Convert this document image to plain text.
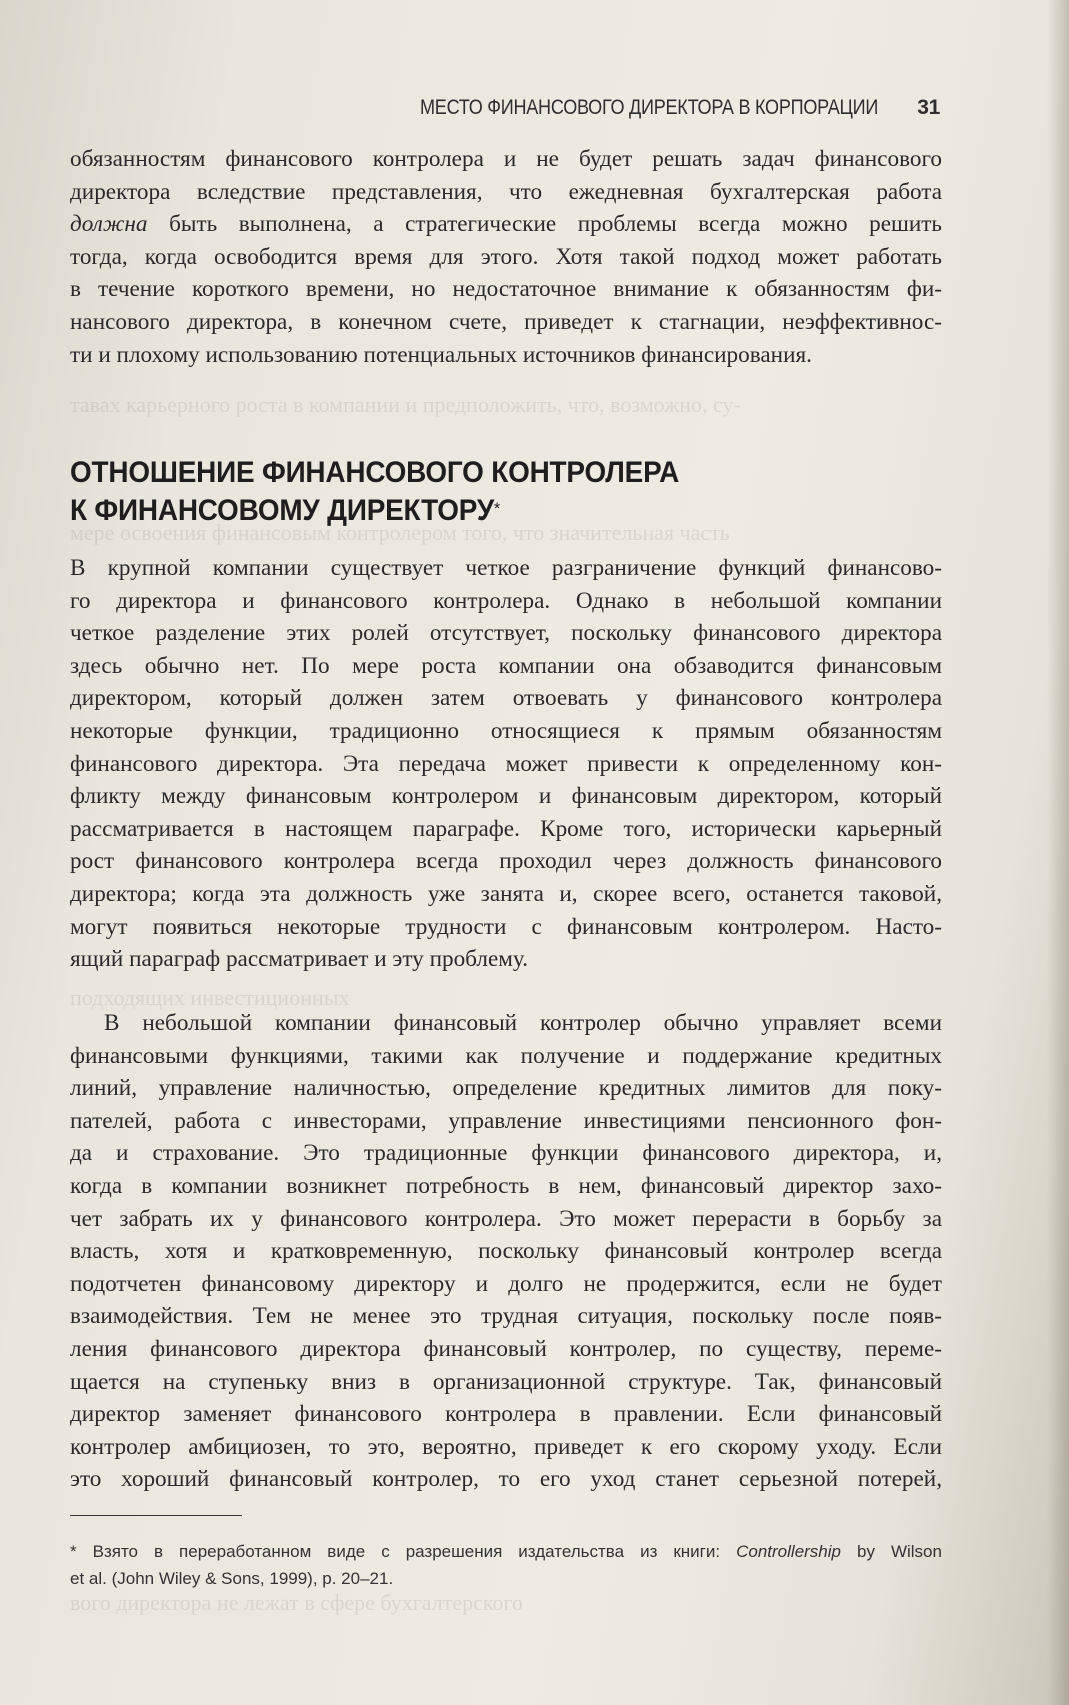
тавах карьерного роста в компании и предположить, что, возможно, су-
мере освоения финансовым контролером того, что значительная часть
подходящих инвестиционных
вого директора не лежат в сфере бухгалтерского
МЕСТО ФИНАНСОВОГО ДИРЕКТОРА В КОРПОРАЦИИ 31
обязанностям финансового контролера и не будет решать задач финансового
директора вследствие представления, что ежедневная бухгалтерская работа
должна быть выполнена, а стратегические проблемы всегда можно решить
тогда, когда освободится время для этого. Хотя такой подход может работать
в течение короткого времени, но недостаточное внимание к обязанностям фи-
нансового директора, в конечном счете, приведет к стагнации, неэффективнос-
ти и плохому использованию потенциальных источников финансирования.
ОТНОШЕНИЕ ФИНАНСОВОГО КОНТРОЛЕРА
К ФИНАНСОВОМУ ДИРЕКТОРУ*
В крупной компании существует четкое разграничение функций финансово-
го директора и финансового контролера. Однако в небольшой компании
четкое разделение этих ролей отсутствует, поскольку финансового директора
здесь обычно нет. По мере роста компании она обзаводится финансовым
директором, который должен затем отвоевать у финансового контролера
некоторые функции, традиционно относящиеся к прямым обязанностям
финансового директора. Эта передача может привести к определенному кон-
фликту между финансовым контролером и финансовым директором, который
рассматривается в настоящем параграфе. Кроме того, исторически карьерный
рост финансового контролера всегда проходил через должность финансового
директора; когда эта должность уже занята и, скорее всего, останется таковой,
могут появиться некоторые трудности с финансовым контролером. Насто-
ящий параграф рассматривает и эту проблему.
В небольшой компании финансовый контролер обычно управляет всеми
финансовыми функциями, такими как получение и поддержание кредитных
линий, управление наличностью, определение кредитных лимитов для поку-
пателей, работа с инвесторами, управление инвестициями пенсионного фон-
да и страхование. Это традиционные функции финансового директора, и,
когда в компании возникнет потребность в нем, финансовый директор захо-
чет забрать их у финансового контролера. Это может перерасти в борьбу за
власть, хотя и кратковременную, поскольку финансовый контролер всегда
подотчетен финансовому директору и долго не продержится, если не будет
взаимодействия. Тем не менее это трудная ситуация, поскольку после появ-
ления финансового директора финансовый контролер, по существу, переме-
щается на ступеньку вниз в организационной структуре. Так, финансовый
директор заменяет финансового контролера в правлении. Если финансовый
контролер амбициозен, то это, вероятно, приведет к его скорому уходу. Если
это хороший финансовый контролер, то его уход станет серьезной потерей,
* Взято в переработанном виде с разрешения издательства из книги: Controllership by Wilson
et al. (John Wiley & Sons, 1999), p. 20–21.
